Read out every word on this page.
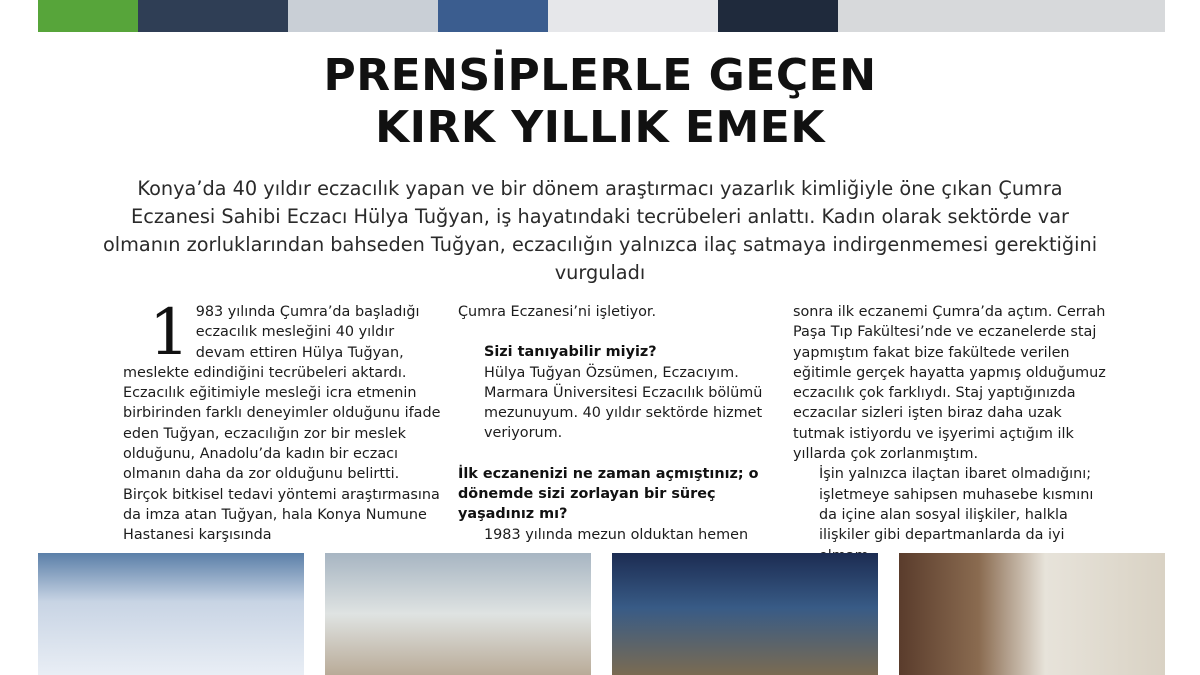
PRENSİPLERLE GEÇEN
KIRK YILLIK EMEK

Konya’da 40 yıldır eczacılık yapan ve bir dönem araştırmacı yazarlık kimliğiyle öne çıkan Çumra Eczanesi Sahibi Eczacı Hülya Tuğyan, iş hayatındaki tecrübeleri anlattı. Kadın olarak sektörde var olmanın zorluklarından bahseden Tuğyan, eczacılığın yalnızca ilaç satmaya indirgenmemesi gerektiğini vurguladı

1 983 yılında Çumra’da başladığı eczacılık mesleğini 40 yıldır devam ettiren Hülya Tuğyan, meslekte edindiğini tecrübeleri aktardı. Eczacılık eğitimiyle mesleği icra etmenin birbirinden farklı deneyimler olduğunu ifade eden Tuğyan, eczacılığın zor bir meslek olduğunu, Anadolu’da kadın bir eczacı olmanın daha da zor olduğunu belirtti. Birçok bitkisel tedavi yöntemi araştırmasına da imza atan Tuğyan, hala Konya Numune Hastanesi karşısında

Çumra Eczanesi’ni işletiyor.

Sizi tanıyabilir miyiz?

Hülya Tuğyan Özsümen, Eczacıyım. Marmara Üniversitesi Eczacılık bölümü mezunuyum. 40 yıldır sektörde hizmet veriyorum.

İlk eczanenizi ne zaman açmıştınız; o dönemde sizi zorlayan bir süreç yaşadınız mı?

1983 yılında mezun olduktan hemen

sonra ilk eczanemi Çumra’da açtım. Cerrah Paşa Tıp Fakültesi’nde ve eczanelerde staj yapmıştım fakat bize fakültede verilen eğitimle gerçek hayatta yapmış olduğumuz eczacılık çok farklıydı. Staj yaptığınızda eczacılar sizleri işten biraz daha uzak tutmak istiyordu ve işyerimi açtığım ilk yıllarda çok zorlanmıştım.

İşin yalnızca ilaçtan ibaret olmadığını; işletmeye sahipsen muhasebe kısmını da içine alan sosyal ilişkiler, halkla ilişkiler gibi departmanlarda da iyi
